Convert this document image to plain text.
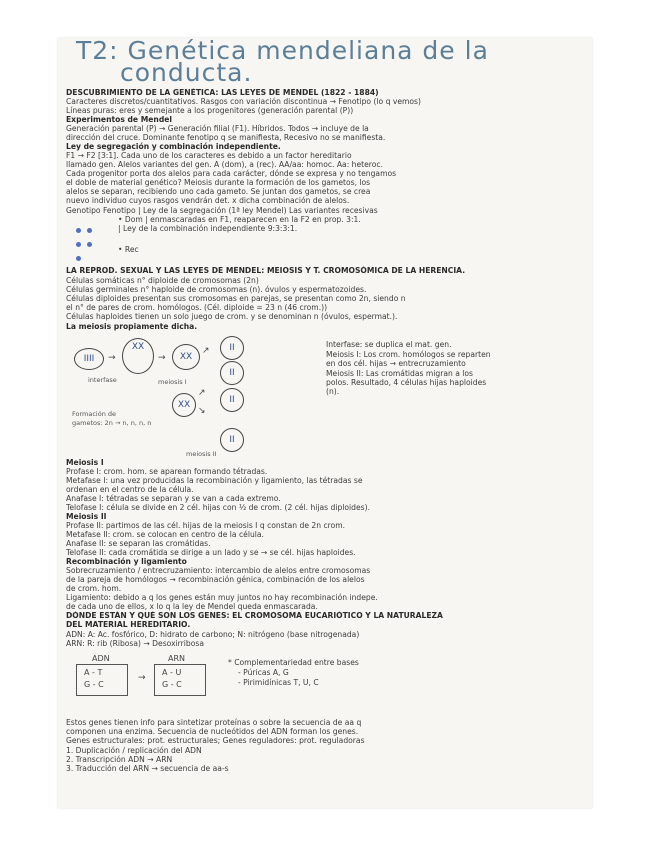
T2: Genética mendeliana de la
conducta.
DESCUBRIMIENTO DE LA GENÉTICA: LAS LEYES DE MENDEL (1822 - 1884)
Caracteres discretos/cuantitativos. Rasgos con variación discontinua → Fenotipo (lo q vemos)
Líneas puras: eres y semejante a los progenitores (generación parental (P))
Experimentos de Mendel
Generación parental (P) → Generación filial (F1). Híbridos. Todos → incluye de la
dirección del cruce. Dominante fenotipo q se manifiesta, Recesivo no se manifiesta.
Ley de segregación y combinación independiente.
F1 → F2 [3:1]. Cada uno de los caracteres es debido a un factor hereditario
llamado gen. Alelos variantes del gen. A (dom), a (rec). AA/aa: homoc. Aa: heteroc.
Cada progenitor porta dos alelos para cada carácter, dónde se expresa y no tengamos
el doble de material genético? Meiosis durante la formación de los gametos, los
alelos se separan, recibiendo uno cada gameto. Se juntan dos gametos, se crea
nuevo individuo cuyos rasgos vendrán det. x dicha combinación de alelos.
Genotipo Fenotipo | Ley de la segregación (1ª ley Mendel) Las variantes recesivas
• Dom | enmascaradas en F1, reaparecen en la F2 en prop. 3:1.
| Ley de la combinación independiente 9:3:3:1.
• Rec
LA REPROD. SEXUAL Y LAS LEYES DE MENDEL: MEIOSIS Y T. CROMOSÓMICA DE LA HERENCIA.
Células somáticas n° diploide de cromosomas (2n)
Células germinales n° haploide de cromosomas (n). óvulos y espermatozoides.
Células diploides presentan sus cromosomas en parejas, se presentan como 2n, siendo n
el n° de pares de crom. homólogos. (Cél. diploide = 23 n (46 crom.))
Células haploides tienen un solo juego de crom. y se denominan n (óvulos, espermat.).
La meiosis propiamente dicha.
IIII	→
XX
→	XX
↗	II
XX
↗
II
↘
II
II
interfase	meiosis I
meiosis II
Formación de
gametos: 2n → n, n, n, n
Interfase: se duplica el mat. gen.
Meiosis I: Los crom. homólogos se reparten
en dos cél. hijas → entrecruzamiento
Meiosis II: Las cromátidas migran a los
polos. Resultado, 4 células hijas haploides
(n).
Meiosis I
Profase I: crom. hom. se aparean formando tétradas.
Metafase I: una vez producidas la recombinación y ligamiento, las tétradas se
ordenan en el centro de la célula.
Anafase I: tétradas se separan y se van a cada extremo.
Telofase I: célula se divide en 2 cél. hijas con ½ de crom. (2 cél. hijas diploides).
Meiosis II
Profase II: partimos de las cél. hijas de la meiosis I q constan de 2n crom.
Metafase II: crom. se colocan en centro de la célula.
Anafase II: se separan las cromátidas.
Telofase II: cada cromátida se dirige a un lado y se → se cél. hijas haploides.
Recombinación y ligamiento
Sobrecruzamiento / entrecruzamiento: intercambio de alelos entre cromosomas
de la pareja de homólogos → recombinación génica, combinación de los alelos
de crom. hom.
Ligamiento: debido a q los genes están muy juntos no hay recombinación indepe.
de cada uno de ellos, x lo q la ley de Mendel queda enmascarada.
DÓNDE ESTÁN Y QUÉ SON LOS GENES: EL CROMOSOMA EUCARIÓTICO Y LA NATURALEZA
DEL MATERIAL HEREDITARIO.
ADN: A: Ac. fosfórico, D: hidrato de carbono; N: nitrógeno (base nitrogenada)
ARN: R: rib (Ribosa) → Desoxirribosa
ADN
A - T
G - C
→
ARN
A - U
G - C
* Complementariedad entre bases
- Púricas A, G
- Pirimidínicas T, U, C
Estos genes tienen info para sintetizar proteínas o sobre la secuencia de aa q
componen una enzima. Secuencia de nucleótidos del ADN forman los genes.
Genes estructurales: prot. estructurales; Genes reguladores: prot. reguladoras
1. Duplicación / replicación del ADN
2. Transcripción ADN → ARN
3. Traducción del ARN → secuencia de aa-s
